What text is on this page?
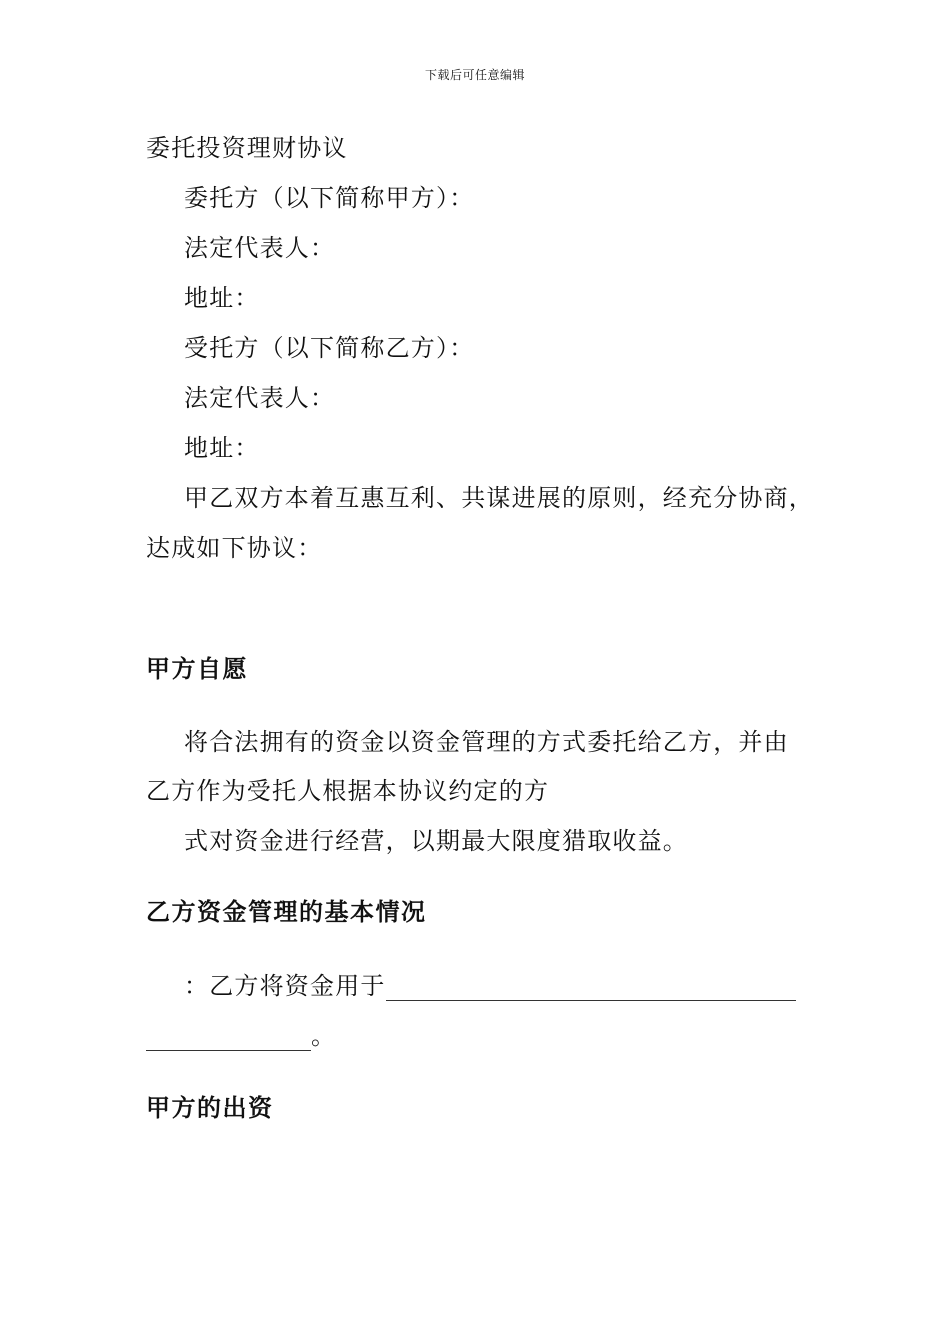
下载后可任意编辑
委托投资理财协议
委托方（以下简称甲方）：
法定代表人：
地址：
受托方（以下简称乙方）：
法定代表人：
地址：
甲乙双方本着互惠互利、共谋进展的原则，经充分协商，
达成如下协议：
甲方自愿
将合法拥有的资金以资金管理的方式委托给乙方，并由
乙方作为受托人根据本协议约定的方
式对资金进行经营，以期最大限度猎取收益。
乙方资金管理的基本情况
：乙方将资金用于
。
甲方的出资
